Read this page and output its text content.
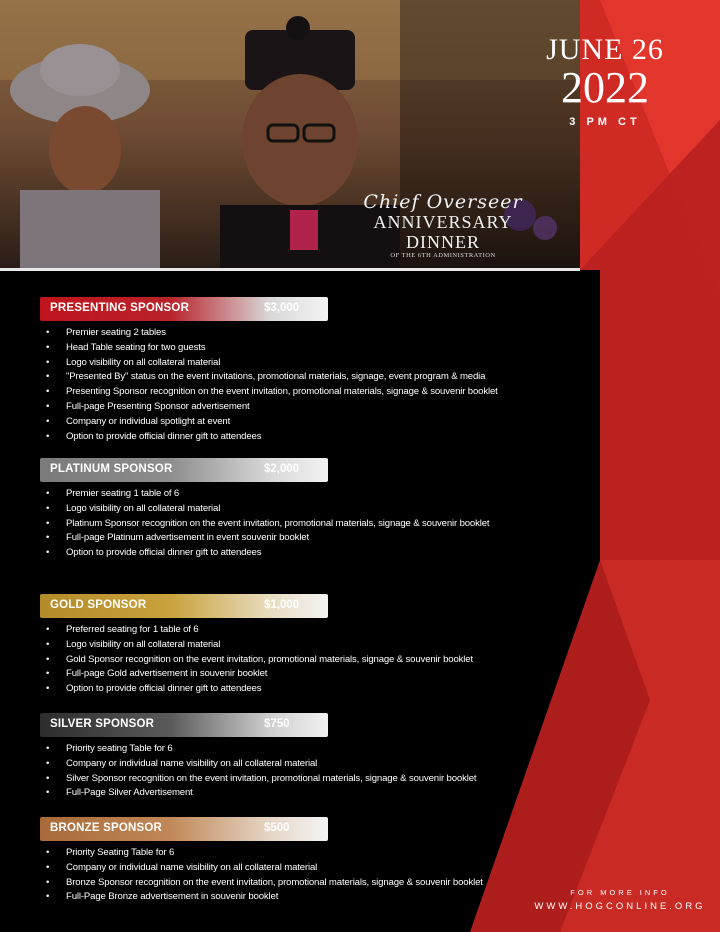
JUNE 26
2022
3 PM CT
Chief Overseer
ANNIVERSARY DINNER
OF THE 6TH ADMINISTRATION
PRESENTING SPONSOR	$3,000
• Premier seating 2 tables
• Head Table seating for two guests
• Logo visibility on all collateral material
• "Presented By" status on the event invitations, promotional materials, signage, event program & media
• Presenting Sponsor recognition on the event invitation, promotional materials, signage & souvenir booklet
• Full-page Presenting Sponsor advertisement
• Company or individual spotlight at event
• Option to provide official dinner gift to attendees
PLATINUM SPONSOR	$2,000
• Premier seating 1 table of 6
• Logo visibility on all collateral material
• Platinum Sponsor recognition on the event invitation, promotional materials, signage & souvenir booklet
• Full-page Platinum advertisement in event souvenir booklet
• Option to provide official dinner gift to attendees
GOLD SPONSOR	$1,000
• Preferred seating for 1 table of 6
• Logo visibility on all collateral material
• Gold Sponsor recognition on the event invitation, promotional materials, signage & souvenir booklet
• Full-page Gold advertisement in souvenir booklet
• Option to provide official dinner gift to attendees
SILVER SPONSOR	$750
• Priority seating Table for 6
• Company or individual name visibility on all collateral material
• Silver Sponsor recognition on the event invitation, promotional materials, signage & souvenir booklet
• Full-Page Silver Advertisement
BRONZE SPONSOR	$500
• Priority Seating Table for 6
• Company or individual name visibility on all collateral material
• Bronze Sponsor recognition on the event invitation, promotional materials, signage & souvenir booklet
• Full-Page Bronze advertisement in souvenir booklet	FOR MORE INFO
WWW.HOGCONLINE.ORG
